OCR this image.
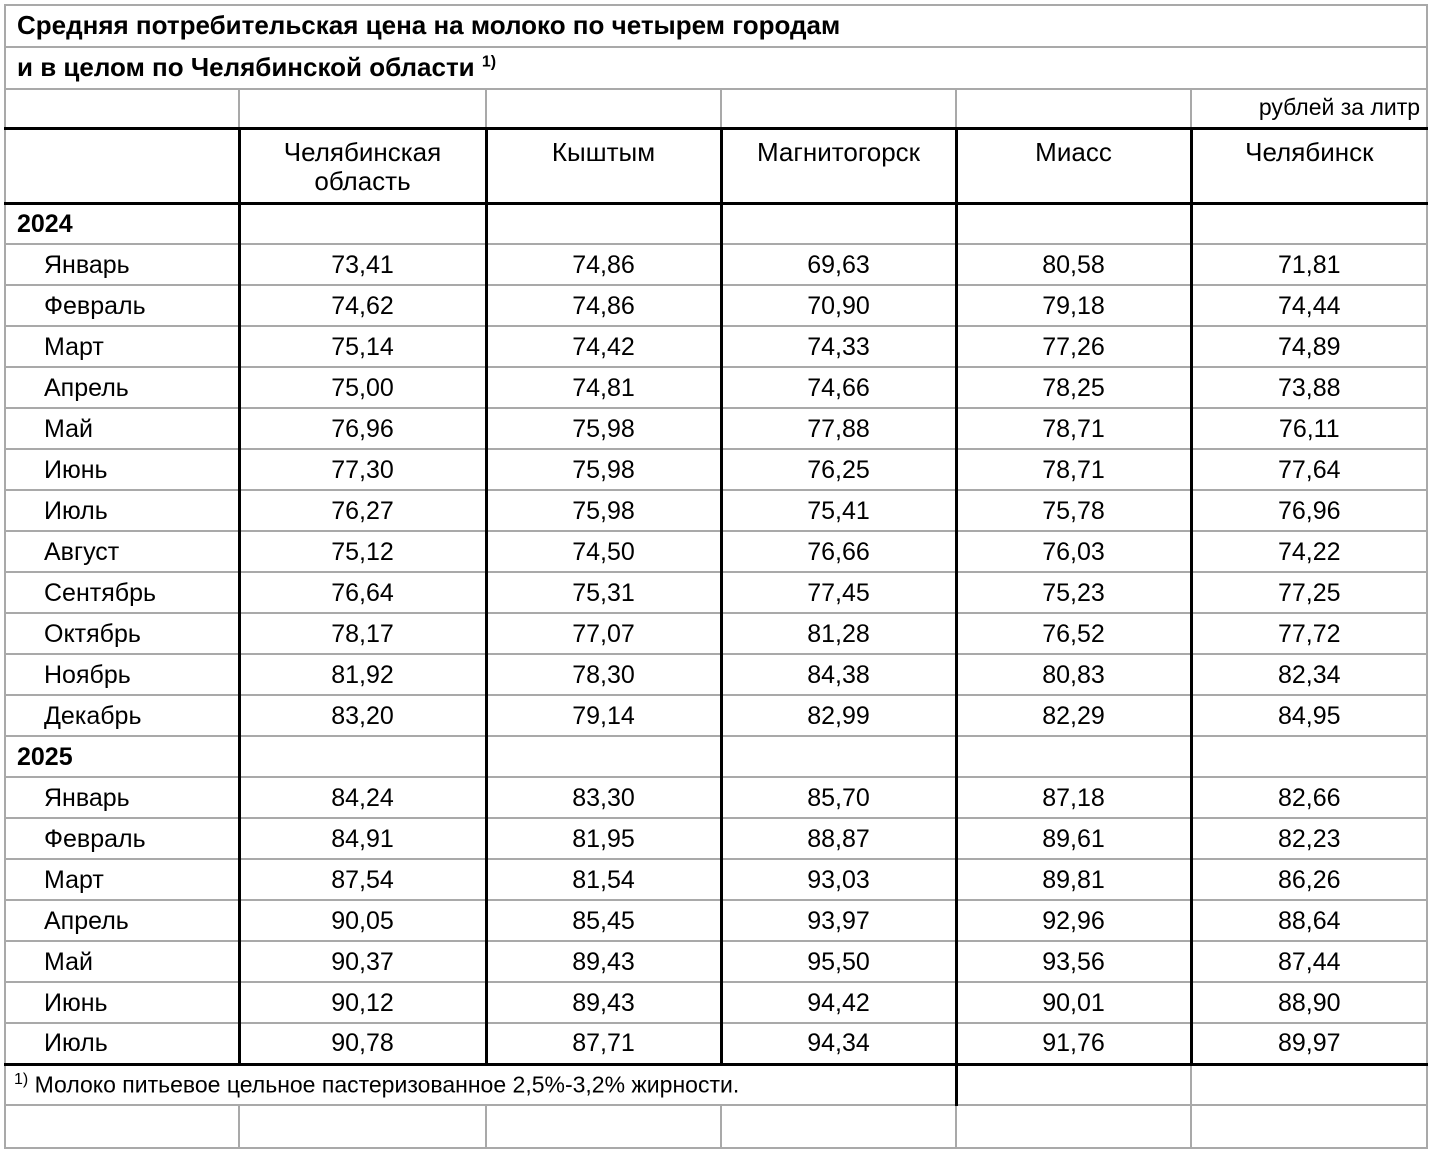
Средняя потребительская цена на молоко по четырем городам					
и в целом по Челябинской области $^{1)}$
					рублей за литр
	Челябинская область	Кыштым	Магнитогорск	Миасс	Челябинск
2024					
Январь	73,41	74,86	69,63	80,58	71,81
Февраль	74,62	74,86	70,90	79,18	74,44
Март	75,14	74,42	74,33	77,26	74,89
Апрель	75,00	74,81	74,66	78,25	73,88
Май	76,96	75,98	77,88	78,71	76,11
Июнь	77,30	75,98	76,25	78,71	77,64
Июль	76,27	75,98	75,41	75,78	76,96
Август	75,12	74,50	76,66	76,03	74,22
Сентябрь	76,64	75,31	77,45	75,23	77,25
Октябрь	78,17	77,07	81,28	76,52	77,72
Ноябрь	81,92	78,30	84,38	80,83	82,34
Декабрь	83,20	79,14	82,99	82,29	84,95
2025					
Январь	84,24	83,30	85,70	87,18	82,66
Февраль	84,91	81,95	88,87	89,61	82,23
Март	87,54	81,54	93,03	89,81	86,26
Апрель	90,05	85,45	93,97	92,96	88,64
Май	90,37	89,43	95,50	93,56	87,44
Июнь	90,12	89,43	94,42	90,01	88,90
Июль	90,78	87,71	94,34	91,76	89,97
$^{1)}$ Молоко питьевое цельное пастеризованное 2,5%-3,2% жирности.					
